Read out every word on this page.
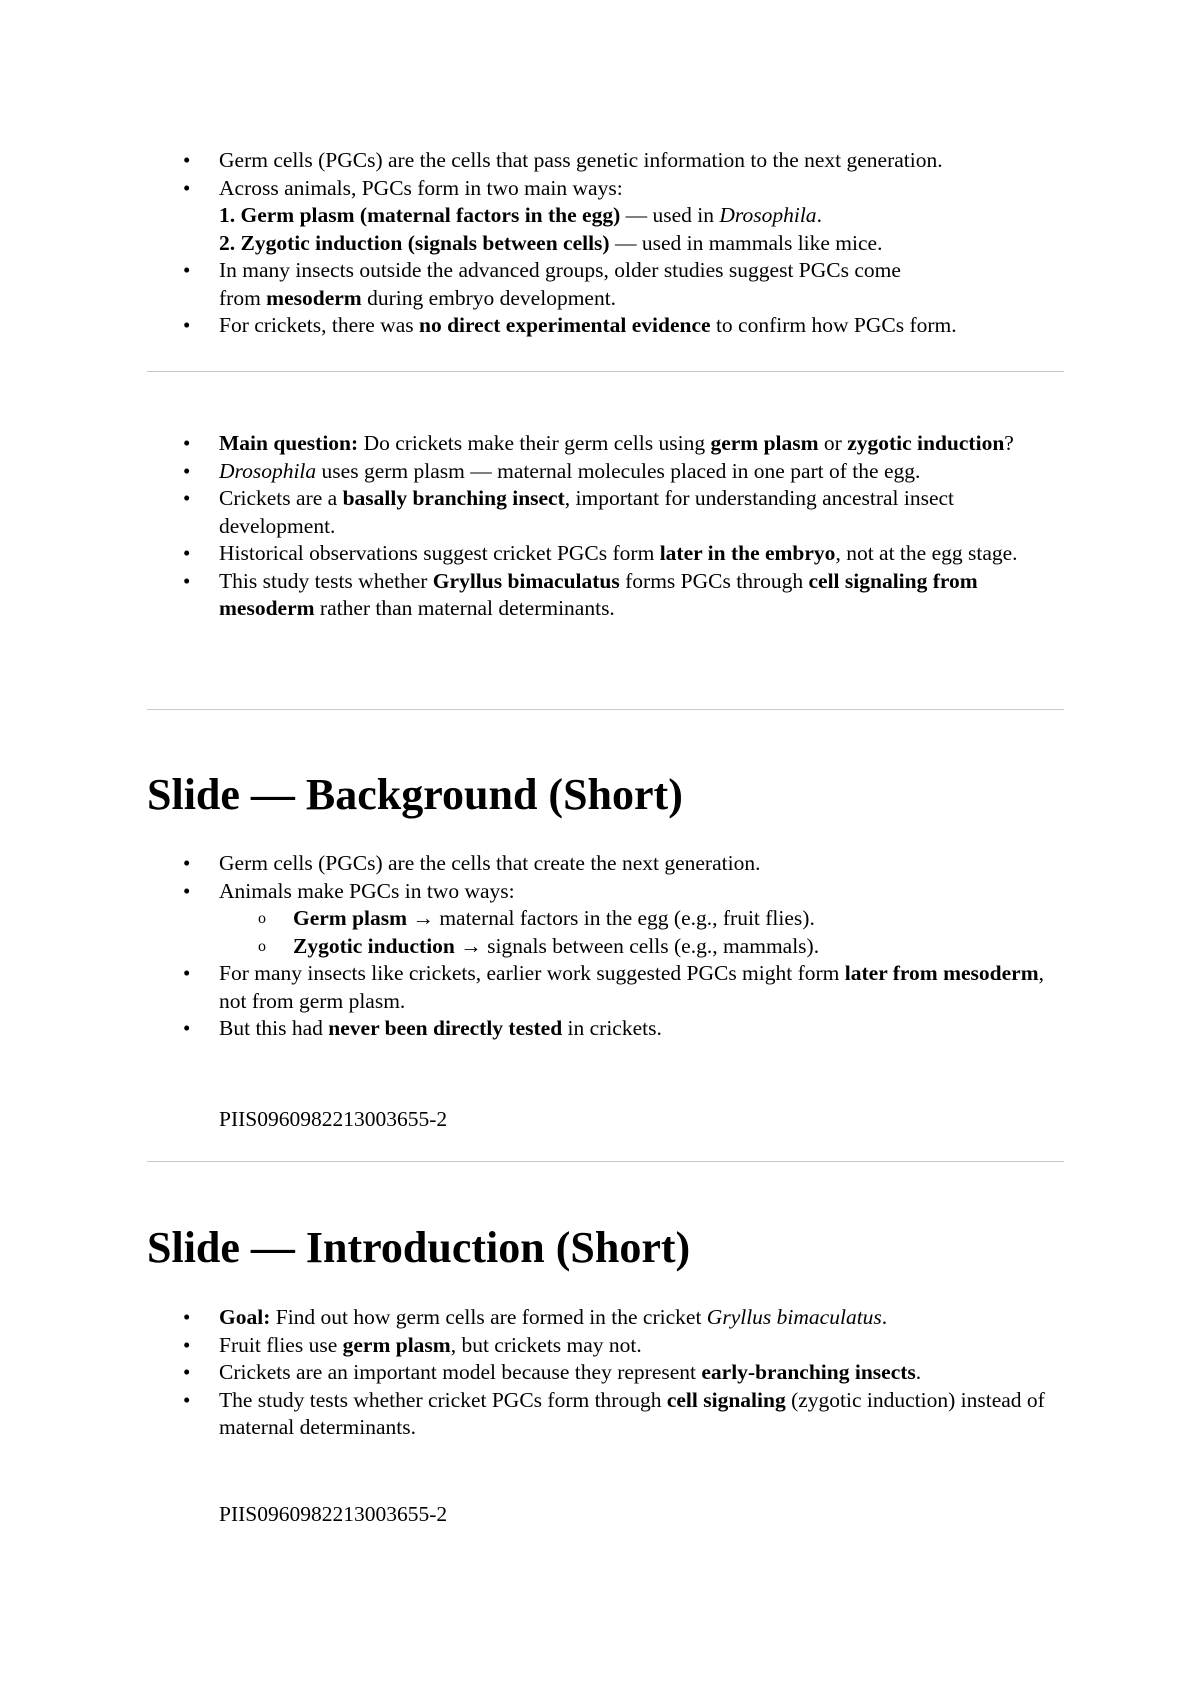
• Germ cells (PGCs) are the cells that pass genetic information to the next generation.
• Across animals, PGCs form in two main ways:
1. Germ plasm (maternal factors in the egg) — used in Drosophila.
2. Zygotic induction (signals between cells) — used in mammals like mice.
• In many insects outside the advanced groups, older studies suggest PGCs come
from mesoderm during embryo development.
• For crickets, there was no direct experimental evidence to confirm how PGCs form.
• Main question: Do crickets make their germ cells using germ plasm or zygotic induction?
• Drosophila uses germ plasm — maternal molecules placed in one part of the egg.
• Crickets are a basally branching insect, important for understanding ancestral insect development.
• Historical observations suggest cricket PGCs form later in the embryo, not at the egg stage.
• This study tests whether Gryllus bimaculatus forms PGCs through cell signaling from mesoderm rather than maternal determinants.
Slide — Background (Short)
• Germ cells (PGCs) are the cells that create the next generation.
• Animals make PGCs in two ways:
o Germ plasm → maternal factors in the egg (e.g., fruit flies).
o Zygotic induction → signals between cells (e.g., mammals).
• For many insects like crickets, earlier work suggested PGCs might form later from mesoderm, not from germ plasm.
• But this had never been directly tested in crickets.
PIIS0960982213003655-2
Slide — Introduction (Short)
• Goal: Find out how germ cells are formed in the cricket Gryllus bimaculatus.
• Fruit flies use germ plasm, but crickets may not.
• Crickets are an important model because they represent early-branching insects.
• The study tests whether cricket PGCs form through cell signaling (zygotic induction) instead of maternal determinants.
PIIS0960982213003655-2
